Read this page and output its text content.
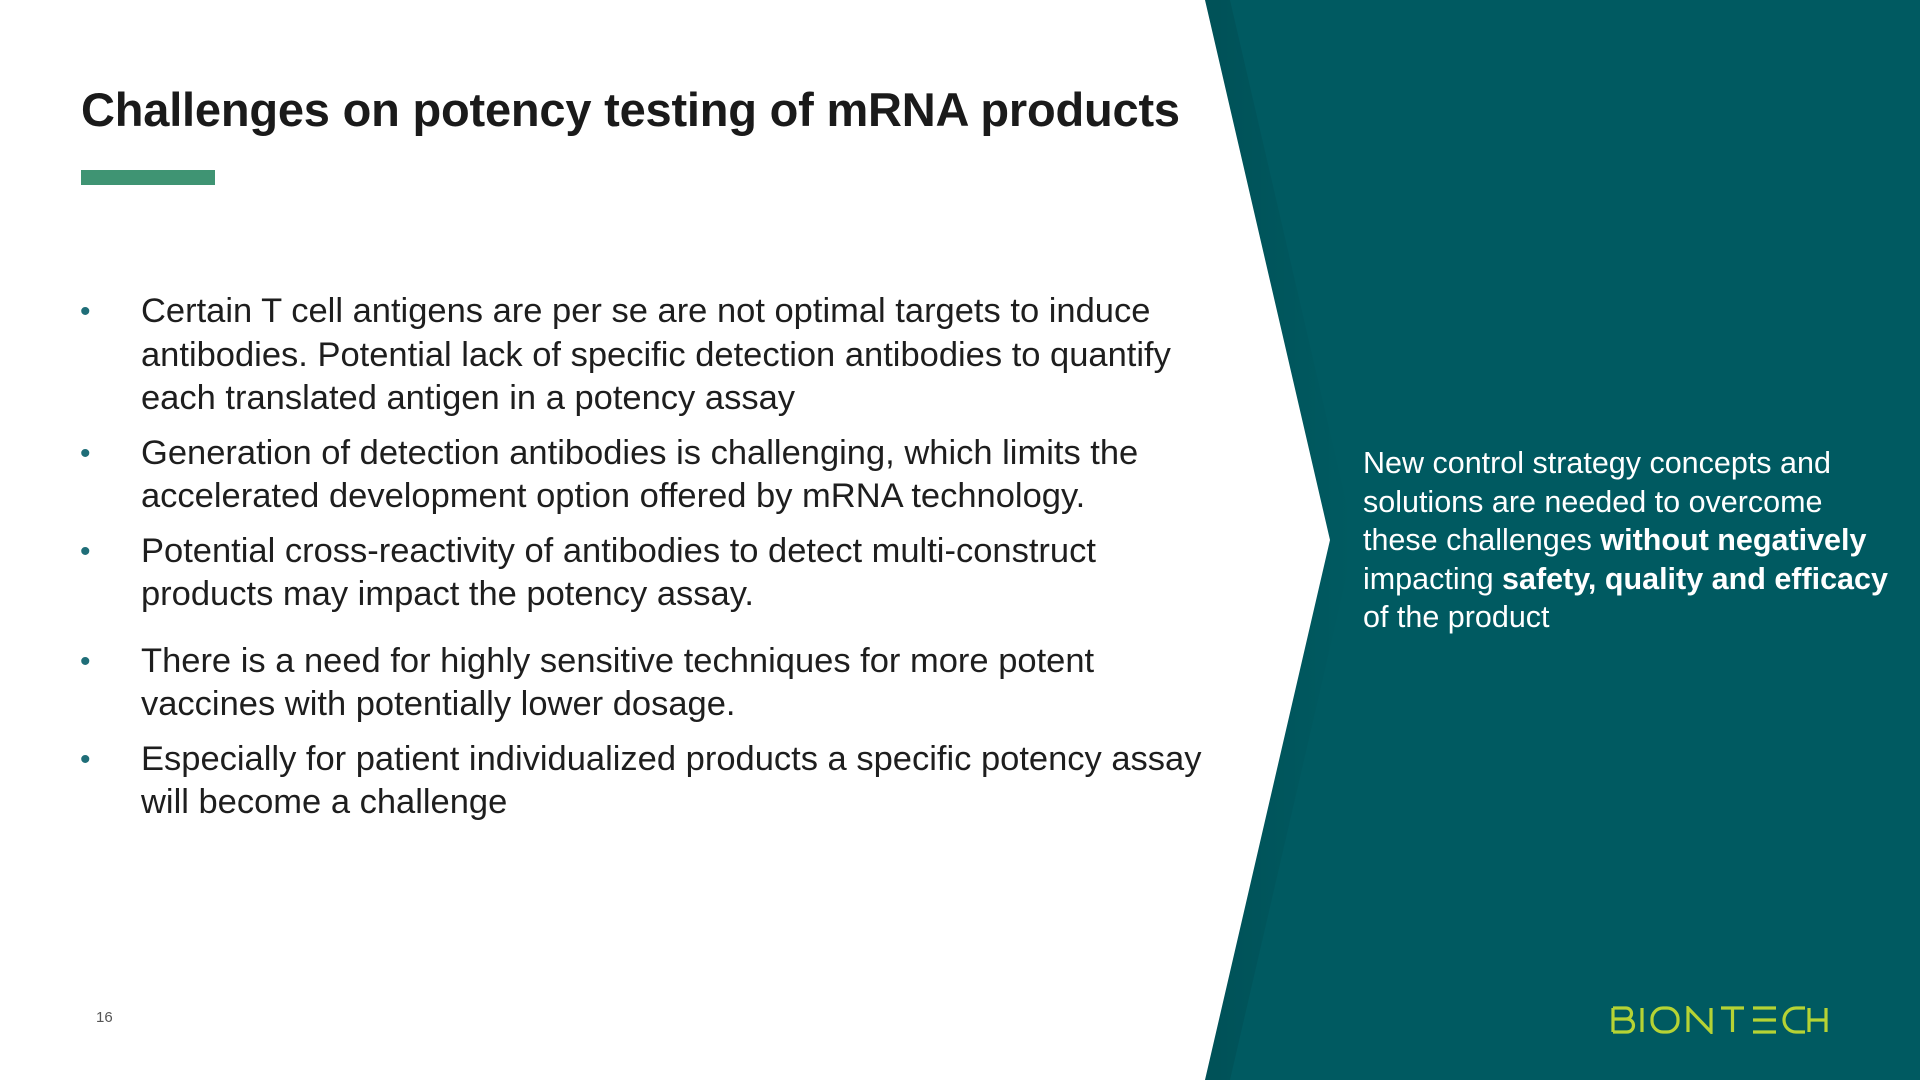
Challenges on potency testing of mRNA products
• Certain T cell antigens are per se are not optimal targets to induce antibodies. Potential lack of specific detection antibodies to quantify each translated antigen in a potency assay
• Generation of detection antibodies is challenging, which limits the accelerated development option offered by mRNA technology.
• Potential cross-reactivity of antibodies to detect multi-construct products may impact the potency assay.
• There is a need for highly sensitive techniques for more potent vaccines with potentially lower dosage.
• Especially for patient individualized products a specific potency assay will become a challenge
New control strategy concepts and solutions are needed to overcome these challenges without negatively impacting safety, quality and efficacy of the product
16
